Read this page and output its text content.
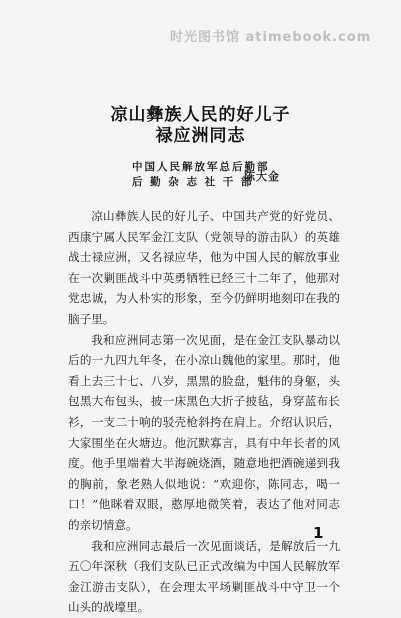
时光图书馆 atimebook.com
凉山彝族人民的好儿子
禄应洲同志
中国人民解放军总后勤部
后 勤 杂 志 社 干 部
陈大金

凉山彝族人民的好儿子、中国共产党的好党员、西康宁属人民军金江支队（党领导的游击队）的英雄战士禄应洲，又名禄应华，他为中国人民的解放事业在一次剿匪战斗中英勇牺牲已经三十二年了，他那对党忠诚，为人朴实的形象，至今仍鲜明地刻印在我的脑子里。

我和应洲同志第一次见面，是在金江支队暴动以后的一九四九年冬，在小凉山魏他的家里。那时，他看上去三十七、八岁，黑黑的脸盘，魁伟的身躯，头包黑大布包头，披一床黑色大折子披毡，身穿蓝布长衫，一支二十响的驳壳枪斜挎在肩上。介绍认识后，大家围坐在火塘边。他沉默寡言，具有中年长者的风度。他手里端着大半海碗烧酒，随意地把酒碗递到我的胸前，象老熟人似地说：“欢迎你，陈同志，喝一口！”他眯着双眼，憨厚地微笑着，表达了他对同志的亲切情意。

我和应洲同志最后一次见面谈话，是解放后一九五〇年深秋（我们支队已正式改编为中国人民解放军金江游击支队），在会理太平场剿匪战斗中守卫一个山头的战壕里。

1
